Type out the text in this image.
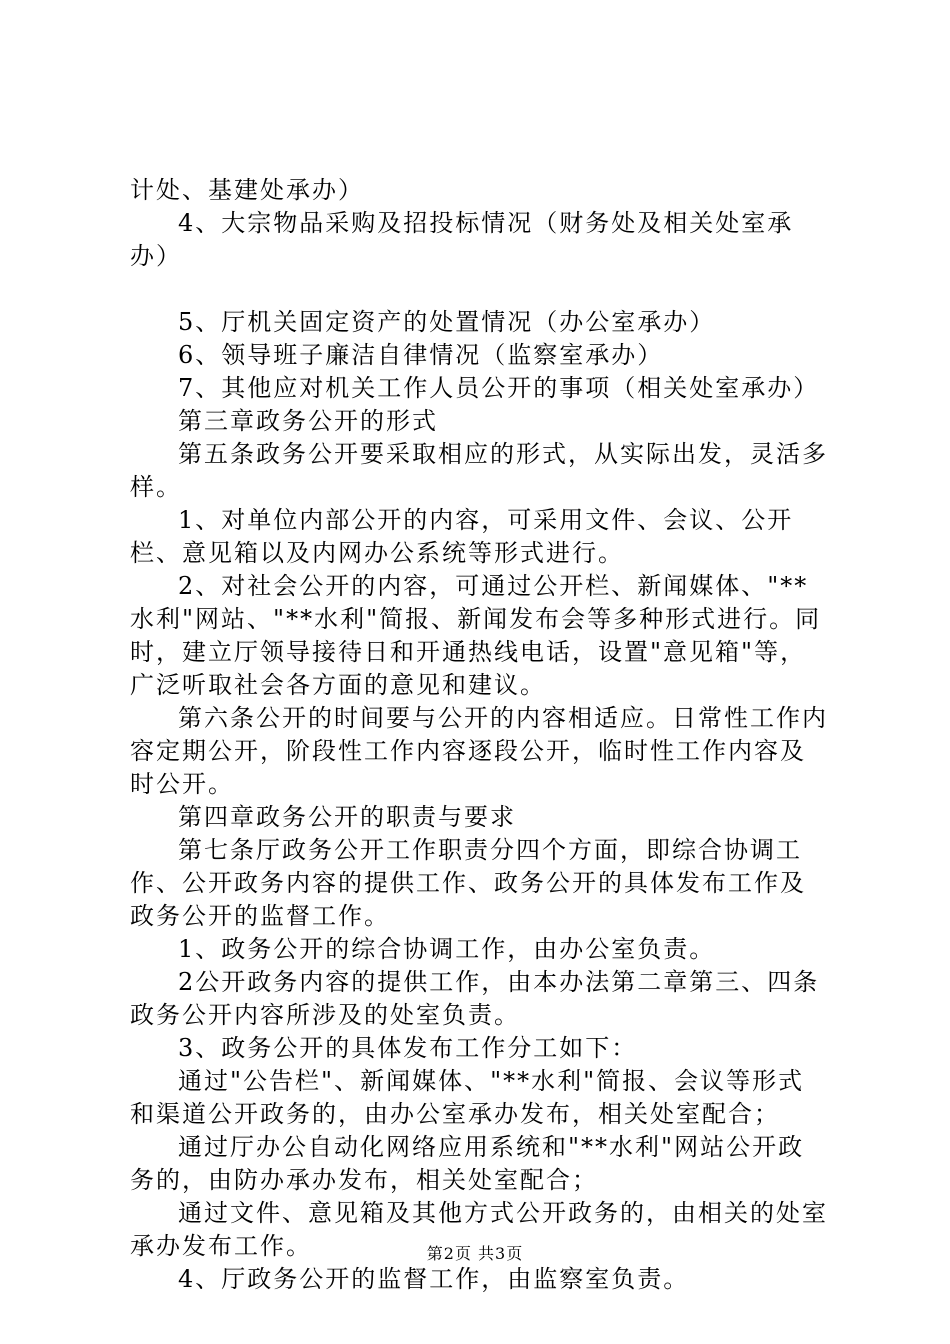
计处、基建处承办）

4、大宗物品采购及招投标情况（财务处及相关处室承办）

5、厅机关固定资产的处置情况（办公室承办）

6、领导班子廉洁自律情况（监察室承办）

7、其他应对机关工作人员公开的事项（相关处室承办）

第三章政务公开的形式

第五条政务公开要采取相应的形式，从实际出发，灵活多样。

1、对单位内部公开的内容，可采用文件、会议、公开栏、意见箱以及内网办公系统等形式进行。

2、对社会公开的内容，可通过公开栏、新闻媒体、"**水利"网站、"**水利"简报、新闻发布会等多种形式进行。同时，建立厅领导接待日和开通热线电话，设置"意见箱"等，广泛听取社会各方面的意见和建议。

第六条公开的时间要与公开的内容相适应。日常性工作内容定期公开，阶段性工作内容逐段公开，临时性工作内容及时公开。

第四章政务公开的职责与要求

第七条厅政务公开工作职责分四个方面，即综合协调工作、公开政务内容的提供工作、政务公开的具体发布工作及政务公开的监督工作。

1、政务公开的综合协调工作，由办公室负责。

2公开政务内容的提供工作，由本办法第二章第三、四条政务公开内容所涉及的处室负责。

3、政务公开的具体发布工作分工如下：

通过"公告栏"、新闻媒体、"**水利"简报、会议等形式和渠道公开政务的，由办公室承办发布，相关处室配合；

通过厅办公自动化网络应用系统和"**水利"网站公开政务的，由防办承办发布，相关处室配合；

通过文件、意见箱及其他方式公开政务的，由相关的处室承办发布工作。

4、厅政务公开的监督工作，由监察室负责。

第2页 共3页
